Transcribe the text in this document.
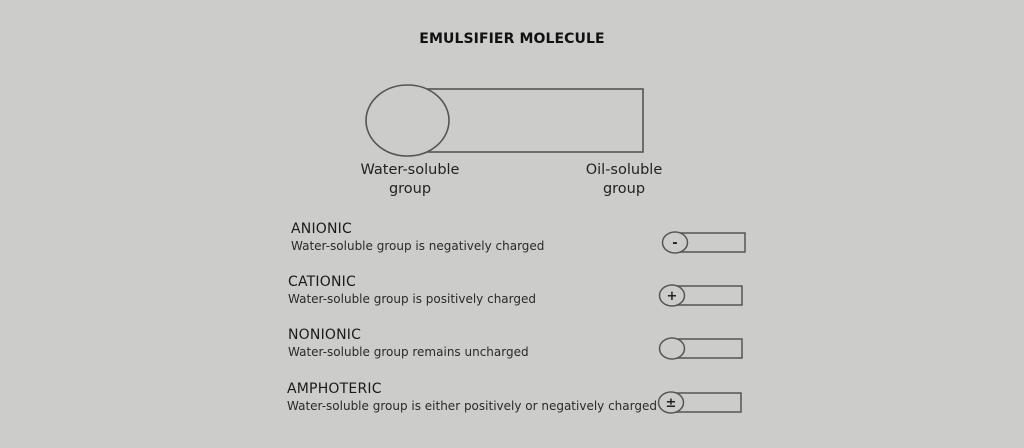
EMULSIFIER MOLECULE
Water-soluble
group
Oil-soluble
group
ANIONIC
Water-soluble group is negatively charged	-
CATIONIC
Water-soluble group is positively charged	+
NONIONIC
Water-soluble group remains uncharged
AMPHOTERIC
Water-soluble group is either positively or negatively charged ±
